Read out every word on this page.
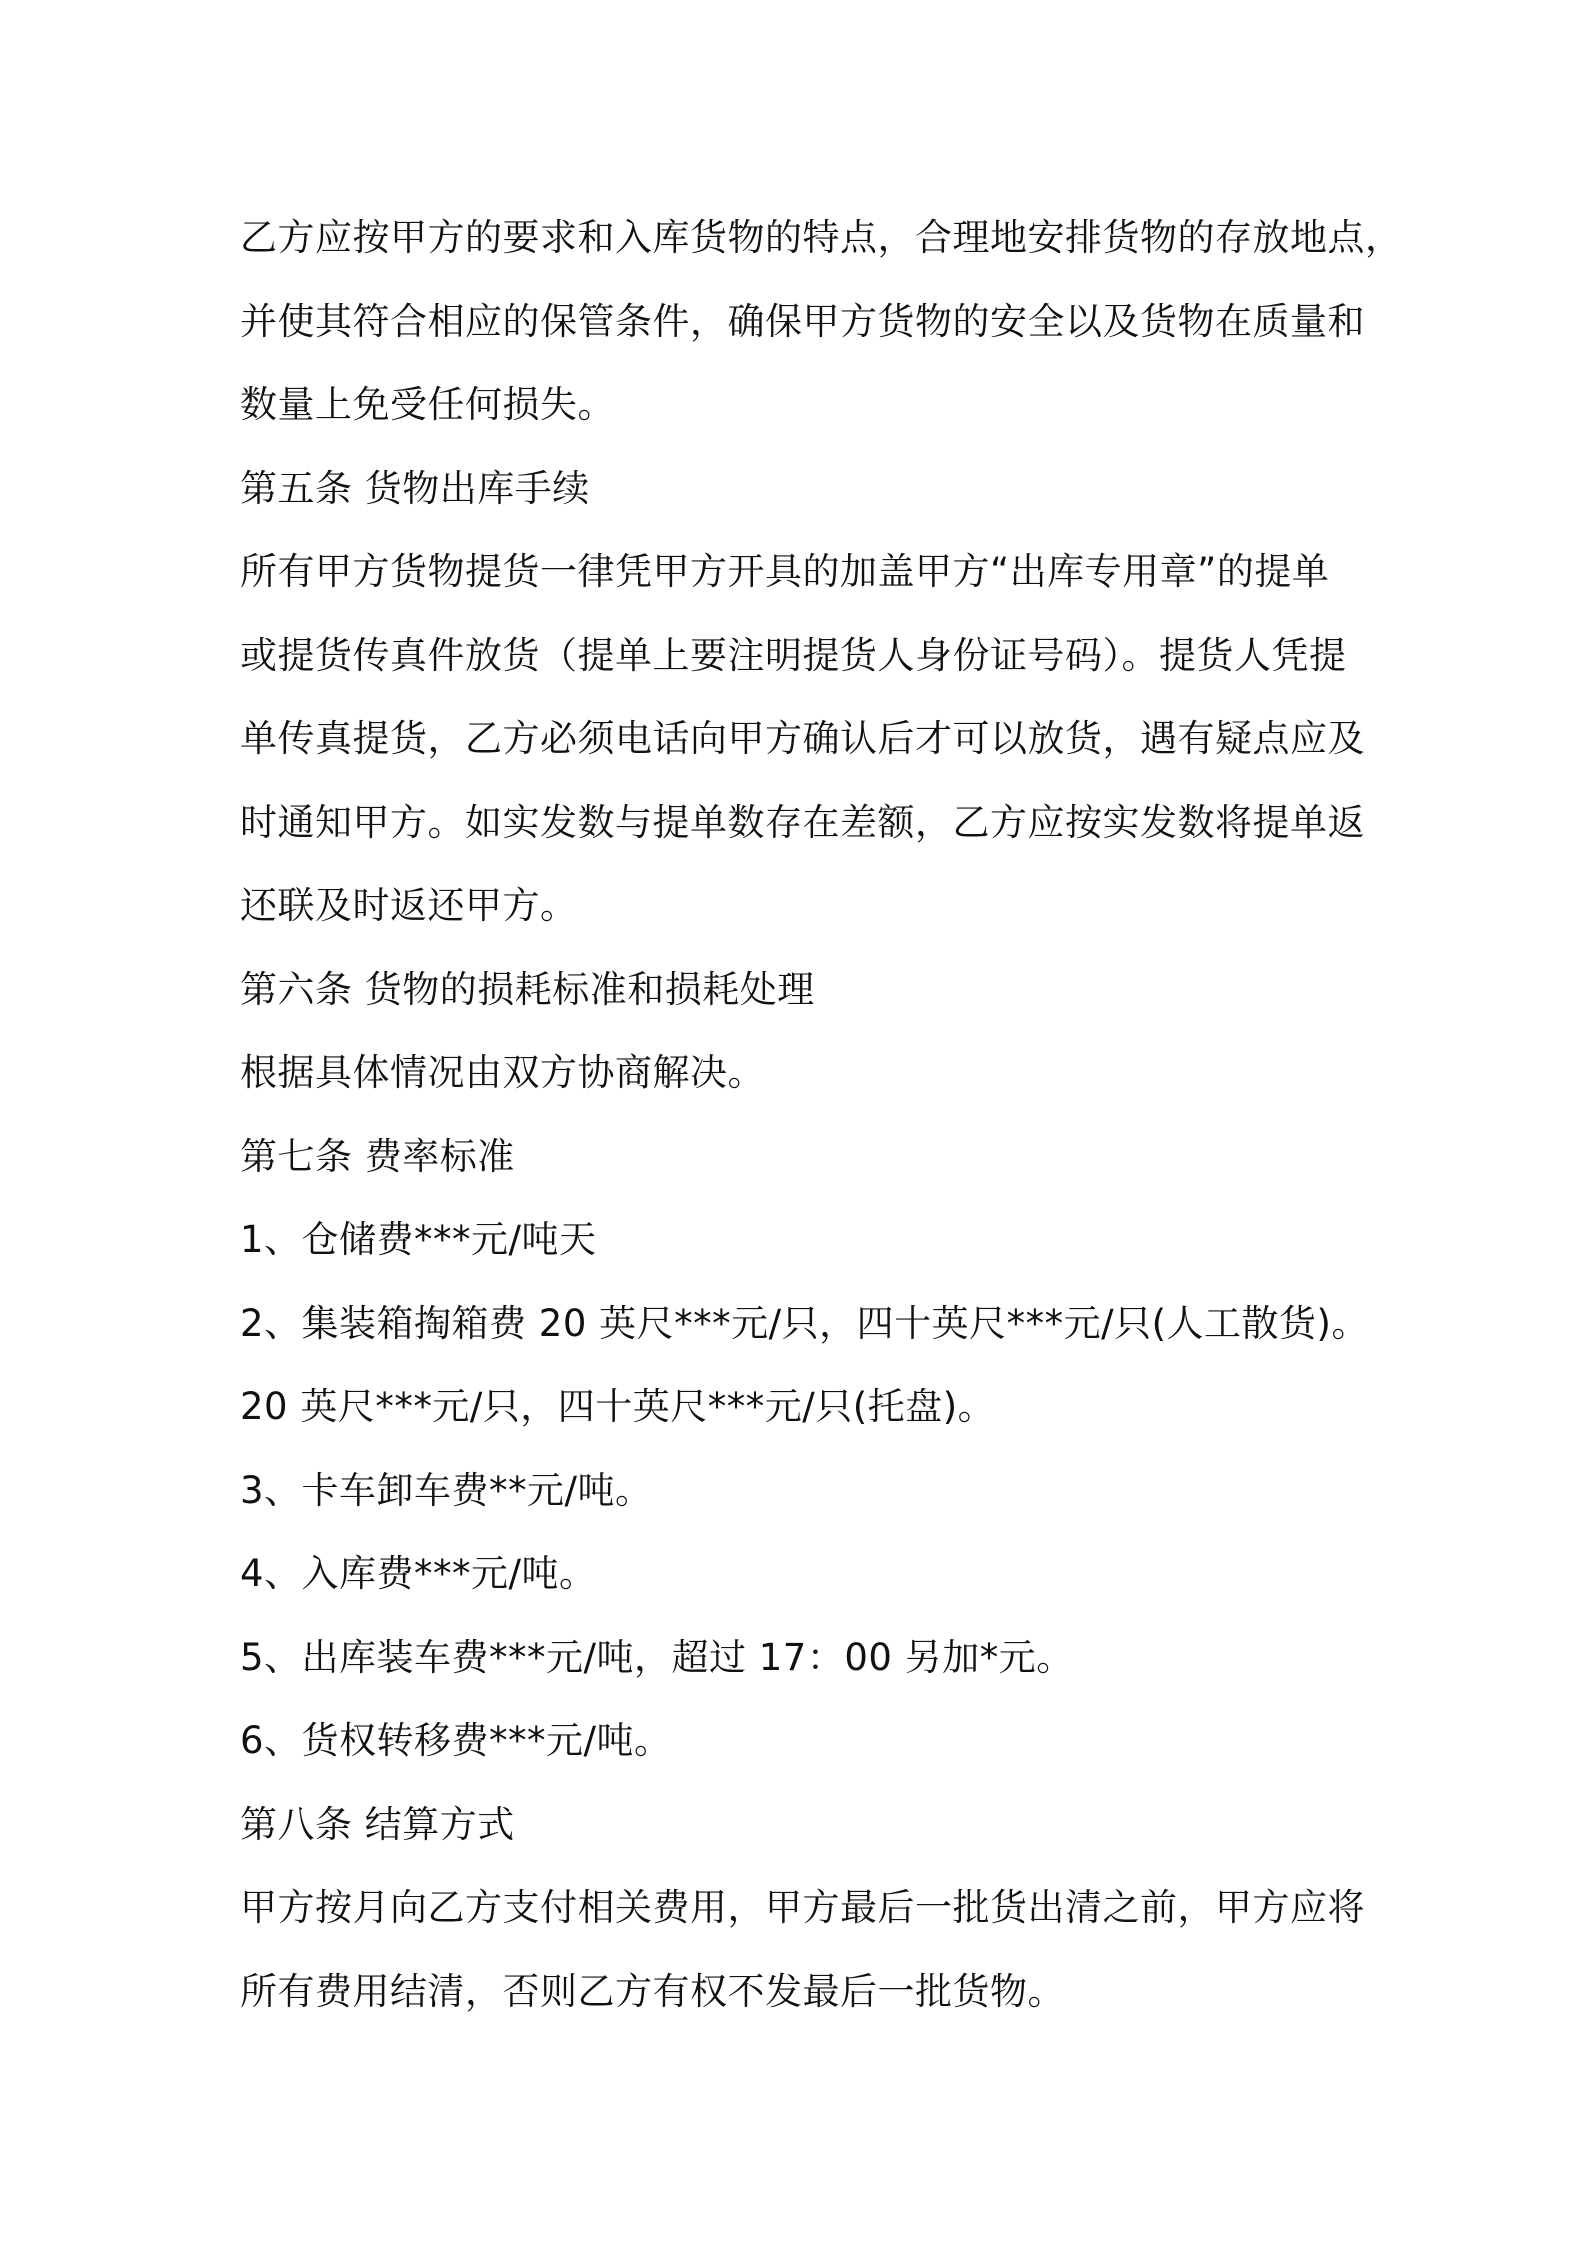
乙方应按甲方的要求和入库货物的特点，合理地安排货物的存放地点，
并使其符合相应的保管条件，确保甲方货物的安全以及货物在质量和
数量上免受任何损失。
第五条 货物出库手续
所有甲方货物提货一律凭甲方开具的加盖甲方“出库专用章”的提单
或提货传真件放货（提单上要注明提货人身份证号码）。提货人凭提
单传真提货，乙方必须电话向甲方确认后才可以放货，遇有疑点应及
时通知甲方。如实发数与提单数存在差额，乙方应按实发数将提单返
还联及时返还甲方。
第六条 货物的损耗标准和损耗处理
根据具体情况由双方协商解决。
第七条 费率标准
1、仓储费***元/吨天
2、集装箱掏箱费 20 英尺***元/只，四十英尺***元/只(人工散货)。
20 英尺***元/只，四十英尺***元/只(托盘)。
3、卡车卸车费**元/吨。
4、入库费***元/吨。
5、出库装车费***元/吨，超过 17：00 另加*元。
6、货权转移费***元/吨。
第八条 结算方式
甲方按月向乙方支付相关费用，甲方最后一批货出清之前，甲方应将
所有费用结清，否则乙方有权不发最后一批货物。
